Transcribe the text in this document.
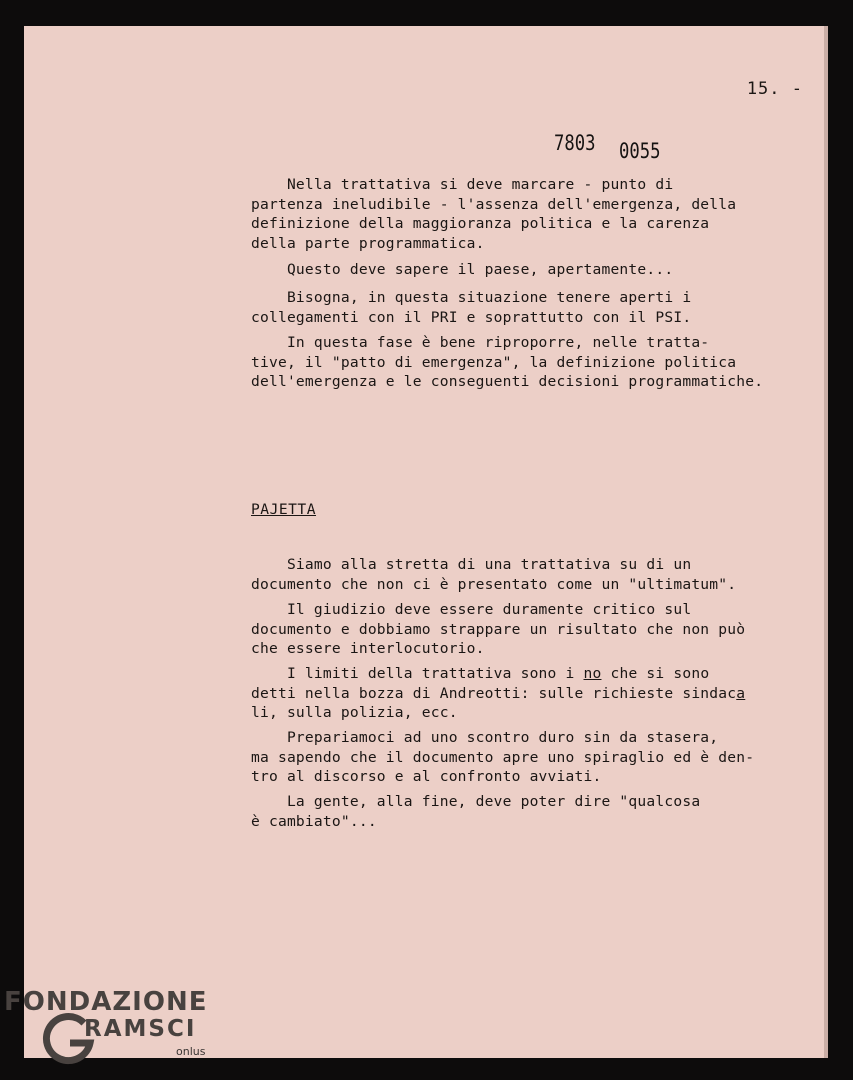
15. -
7803 0055
Nella trattativa si deve marcare - punto di
partenza ineludibile - l'assenza dell'emergenza, della
definizione della maggioranza politica e la carenza
della parte programmatica.
Questo deve sapere il paese, apertamente...
Bisogna, in questa situazione tenere aperti i
collegamenti con il PRI e soprattutto con il PSI.
In questa fase è bene riproporre, nelle tratta-
tive, il "patto di emergenza", la definizione politica
dell'emergenza e le conseguenti decisioni programmatiche.
PAJETTA
Siamo alla stretta di una trattativa su di un
documento che non ci è presentato come un "ultimatum".
Il giudizio deve essere duramente critico sul
documento e dobbiamo strappare un risultato che non può
che essere interlocutorio.
I limiti della trattativa sono i no che si sono
detti nella bozza di Andreotti: sulle richieste sindaca
li, sulla polizia, ecc.
Prepariamoci ad uno scontro duro sin da stasera,
ma sapendo che il documento apre uno spiraglio ed è den-
tro al discorso e al confronto avviati.
La gente, alla fine, deve poter dire "qualcosa
è cambiato"...
FONDAZIONE
RAMSCI
onlus
